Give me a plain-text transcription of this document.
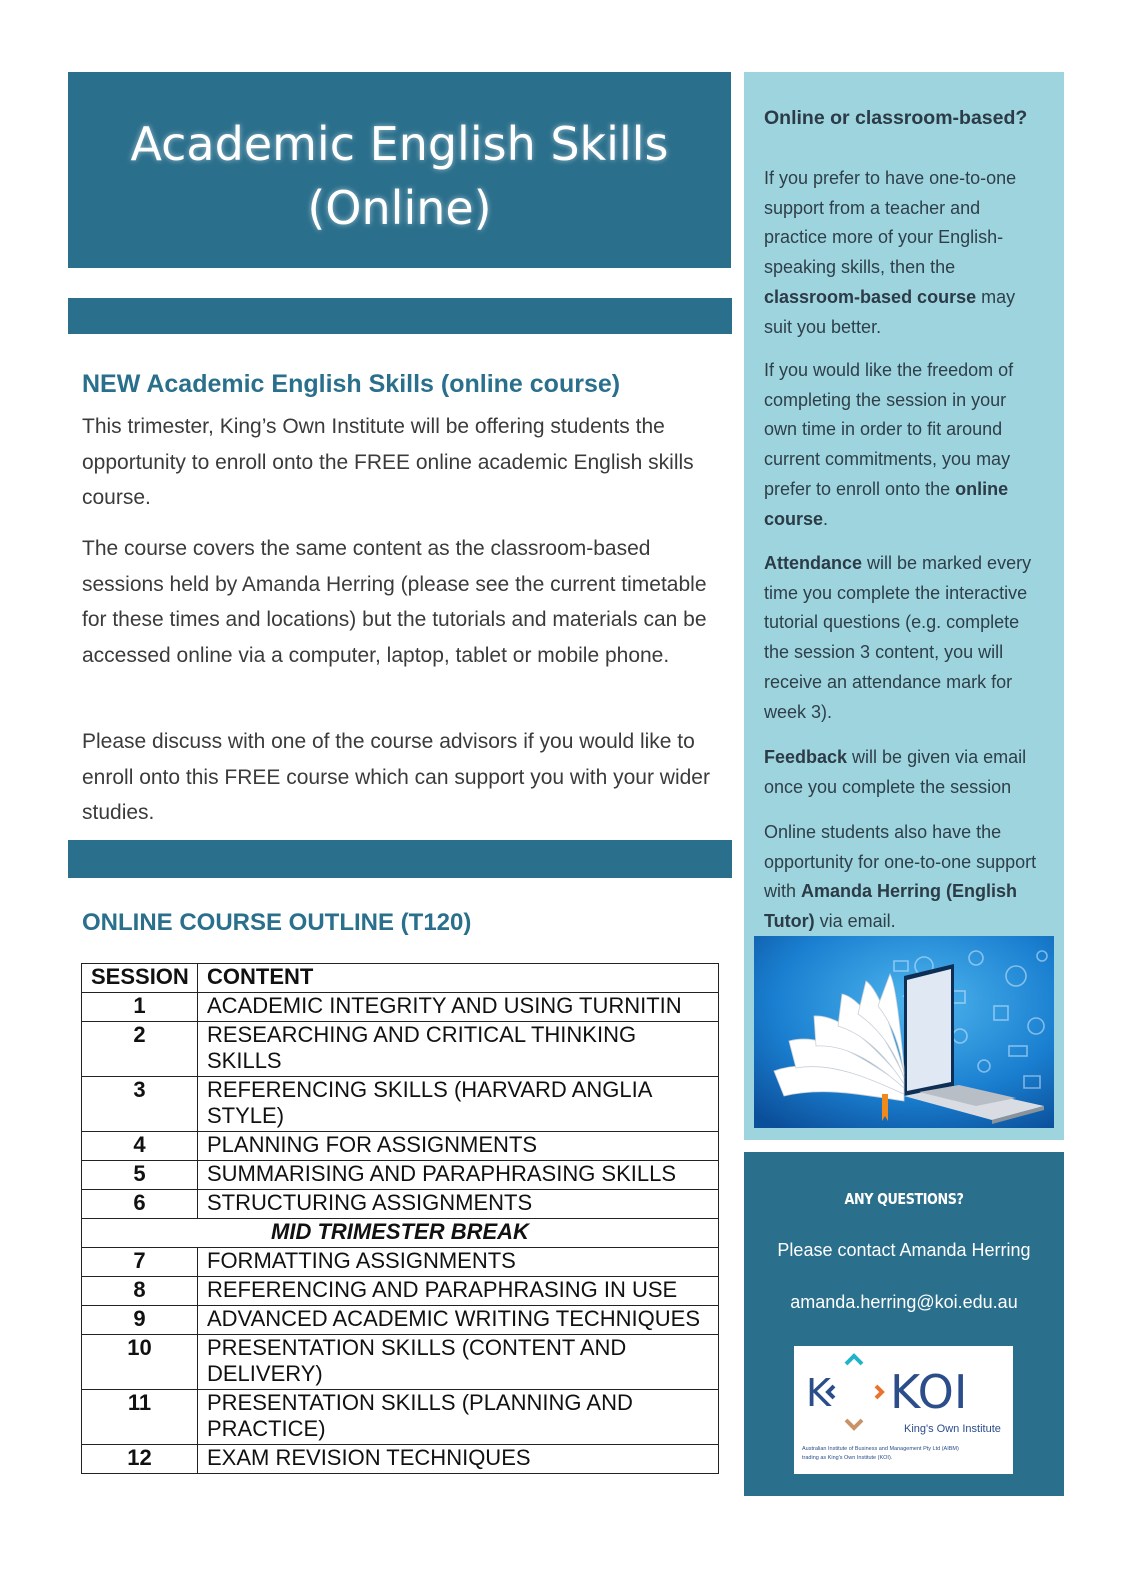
Academic English Skills
(Online)
NEW Academic English Skills (online course)

This trimester, King’s Own Institute will be offering students the opportunity to enroll onto the FREE online academic English skills course.

The course covers the same content as the classroom-based sessions held by Amanda Herring (please see the current timetable for these times and locations) but the tutorials and materials can be accessed online via a computer, laptop, tablet or mobile phone.

Please discuss with one of the course advisors if you would like to enroll onto this FREE course which can support you with your wider studies.

ONLINE COURSE OUTLINE (T120)
SESSION	CONTENT
1	ACADEMIC INTEGRITY AND USING TURNITIN
2	RESEARCHING AND CRITICAL THINKING SKILLS
3	REFERENCING SKILLS (HARVARD ANGLIA STYLE)
4	PLANNING FOR ASSIGNMENTS
5	SUMMARISING AND PARAPHRASING SKILLS
6	STRUCTURING ASSIGNMENTS
MID TRIMESTER BREAK	
7	FORMATTING ASSIGNMENTS
8	REFERENCING AND PARAPHRASING IN USE
9	ADVANCED ACADEMIC WRITING TECHNIQUES
10	PRESENTATION SKILLS (CONTENT AND DELIVERY)
11	PRESENTATION SKILLS (PLANNING AND PRACTICE)
12	EXAM REVISION TECHNIQUES
Online or classroom-based?

If you prefer to have one-to-one support from a teacher and practice more of your English-speaking skills, then the classroom-based course may suit you better.

If you would like the freedom of completing the session in your own time in order to fit around current commitments, you may prefer to enroll onto the online course.

Attendance will be marked every time you complete the interactive tutorial questions (e.g. complete the session 3 content, you will receive an attendance mark for week 3).

Feedback will be given via email once you complete the session

Online students also have the opportunity for one-to-one support with Amanda Herring (English Tutor) via email.

ANY QUESTIONS?
Please contact Amanda Herring
amanda.herring@koi.edu.au
K KOI
King's Own Institute
Australian Institute of Business and Management Pty Ltd (AIBM)
trading as King's Own Institute (KOI).
